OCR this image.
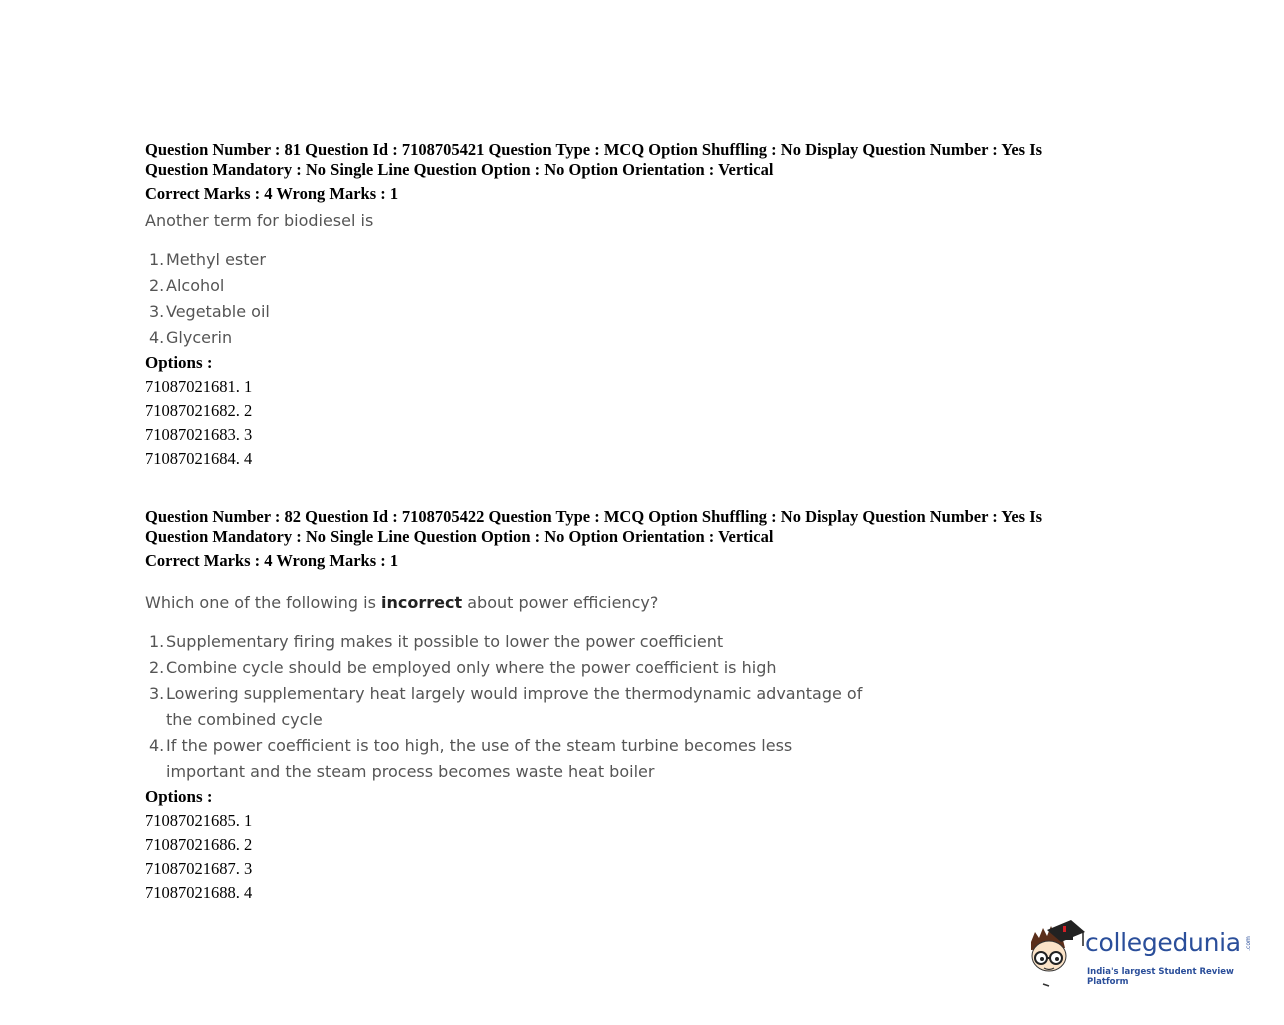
Question Number : 81 Question Id : 7108705421 Question Type : MCQ Option Shuffling : No Display Question Number : Yes Is
Question Mandatory : No Single Line Question Option : No Option Orientation : Vertical
Correct Marks : 4 Wrong Marks : 1

Another term for biodiesel is

1. Methyl ester
2. Alcohol
3. Vegetable oil
4. Glycerin
Options :
71087021681. 1
71087021682. 2
71087021683. 3
71087021684. 4
Question Number : 82 Question Id : 7108705422 Question Type : MCQ Option Shuffling : No Display Question Number : Yes Is
Question Mandatory : No Single Line Question Option : No Option Orientation : Vertical
Correct Marks : 4 Wrong Marks : 1

Which one of the following is incorrect about power efficiency?

1. Supplementary firing makes it possible to lower the power coefficient
2. Combine cycle should be employed only where the power coefficient is high
3. Lowering supplementary heat largely would improve the thermodynamic advantage of the combined cycle
4. If the power coefficient is too high, the use of the steam turbine becomes less important and the steam process becomes waste heat boiler
Options :
71087021685. 1
71087021686. 2
71087021687. 3
71087021688. 4
collegedunia .com
India's largest Student Review Platform
